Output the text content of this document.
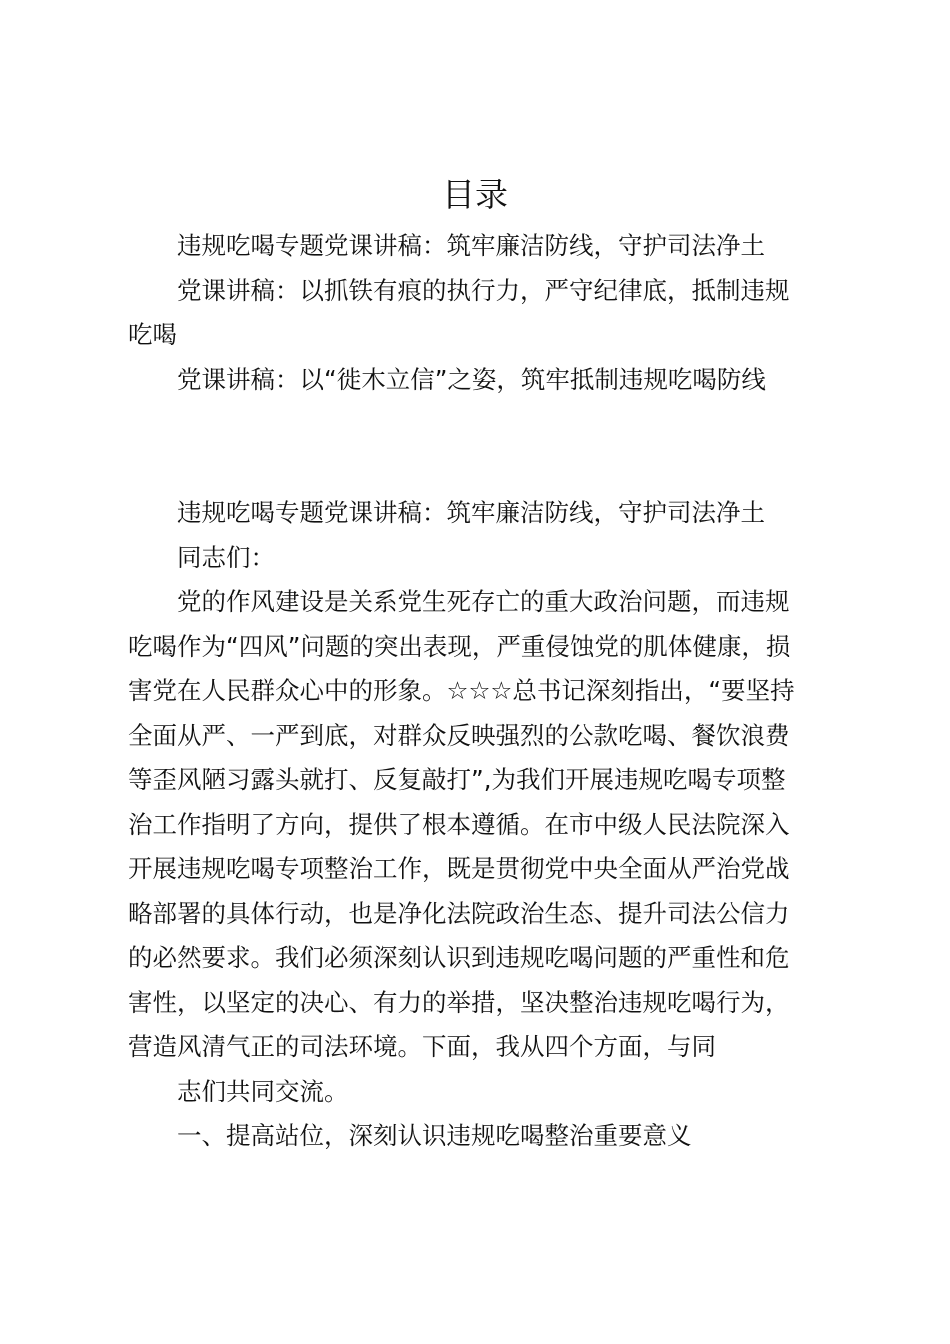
目录

违规吃喝专题党课讲稿：筑牢廉洁防线，守护司法净土

党课讲稿：以抓铁有痕的执行力，严守纪律底，抵制违规

吃喝

党课讲稿：以“徙木立信”之姿，筑牢抵制违规吃喝防线

违规吃喝专题党课讲稿：筑牢廉洁防线，守护司法净土

同志们：

党的作风建设是关系党生死存亡的重大政治问题，而违规

吃喝作为“四风”问题的突出表现，严重侵蚀党的肌体健康，损

害党在人民群众心中的形象。☆☆☆总书记深刻指出，“要坚持

全面从严、一严到底，对群众反映强烈的公款吃喝、餐饮浪费

等歪风陋习露头就打、反复敲打”,为我们开展违规吃喝专项整

治工作指明了方向，提供了根本遵循。在市中级人民法院深入

开展违规吃喝专项整治工作，既是贯彻党中央全面从严治党战

略部署的具体行动，也是净化法院政治生态、提升司法公信力

的必然要求。我们必须深刻认识到违规吃喝问题的严重性和危

害性，以坚定的决心、有力的举措，坚决整治违规吃喝行为，

营造风清气正的司法环境。下面，我从四个方面，与同

志们共同交流。

一、提高站位，深刻认识违规吃喝整治重要意义
